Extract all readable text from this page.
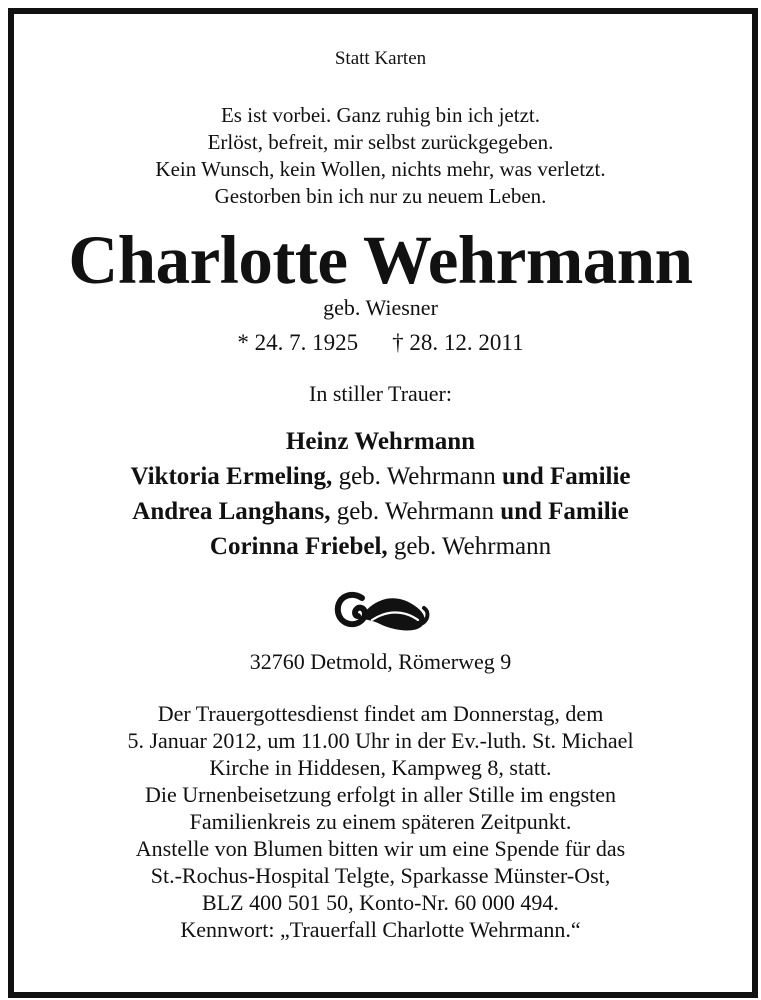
Statt Karten
Es ist vorbei. Ganz ruhig bin ich jetzt.
Erlöst, befreit, mir selbst zurückgegeben.
Kein Wunsch, kein Wollen, nichts mehr, was verletzt.
Gestorben bin ich nur zu neuem Leben.
Charlotte Wehrmann
geb. Wiesner
* 24. 7. 1925 † 28. 12. 2011
In stiller Trauer:
Heinz Wehrmann
Viktoria Ermeling, geb. Wehrmann und Familie
Andrea Langhans, geb. Wehrmann und Familie
Corinna Friebel, geb. Wehrmann
32760 Detmold, Römerweg 9
Der Trauergottesdienst findet am Donnerstag, dem
5. Januar 2012, um 11.00 Uhr in der Ev.-luth. St. Michael
Kirche in Hiddesen, Kampweg 8, statt.
Die Urnenbeisetzung erfolgt in aller Stille im engsten
Familienkreis zu einem späteren Zeitpunkt.
Anstelle von Blumen bitten wir um eine Spende für das
St.-Rochus-Hospital Telgte, Sparkasse Münster-Ost,
BLZ 400 501 50, Konto-Nr. 60 000 494.
Kennwort: „Trauerfall Charlotte Wehrmann.“
